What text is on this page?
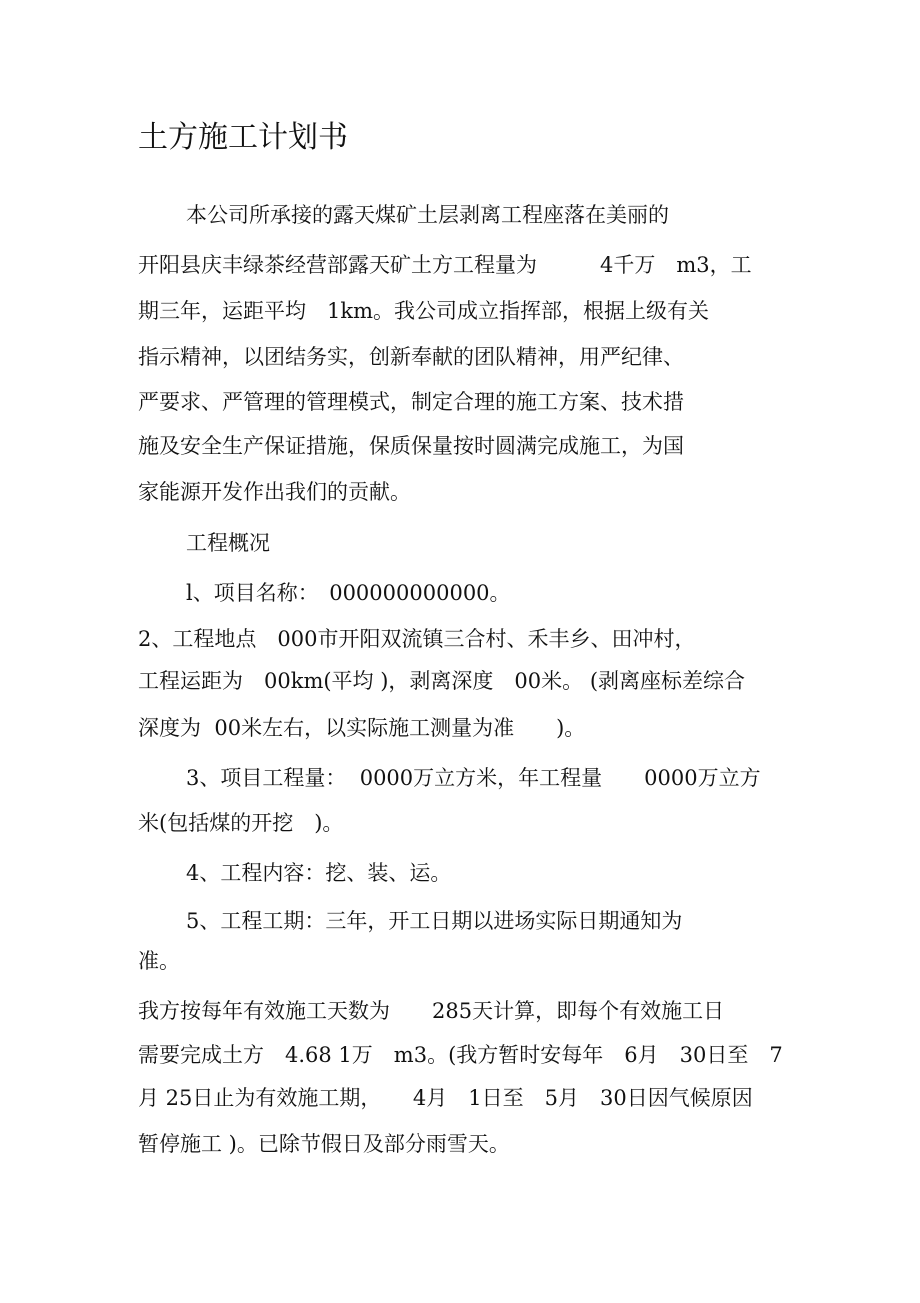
土方施工计划书
本公司所承接的露天煤矿土层剥离工程座落在美丽的
开阳县庆丰绿茶经营部露天矿土方工程量为　　　4千万　m3，工
期三年，运距平均　1km。我公司成立指挥部，根据上级有关
指示精神，以团结务实，创新奉献的团队精神，用严纪律、
严要求、严管理的管理模式，制定合理的施工方案、技术措
施及安全生产保证措施，保质保量按时圆满完成施工，为国
家能源开发作出我们的贡献。
工程概况
l、项目名称：　000000000000。
2、工程地点　000市开阳双流镇三合村、禾丰乡、田冲村，
工程运距为　00km(平均 )，剥离深度　00米。 (剥离座标差综合
深度为  00米左右，以实际施工测量为准　　)。
3、项目工程量：  0000万立方米，年工程量　　0000万立方
米(包括煤的开挖　)。
4、工程内容：挖、装、运。
5、工程工期：三年，开工日期以进场实际日期通知为
准。
我方按每年有效施工天数为　　285天计算，即每个有效施工日
需要完成土方　4.68 1万　m3。(我方暂时安每年　6月　30日至　7
月 25日止为有效施工期，　　4月　1日至　5月　30日因气候原因
暂停施工 )。已除节假日及部分雨雪天。
